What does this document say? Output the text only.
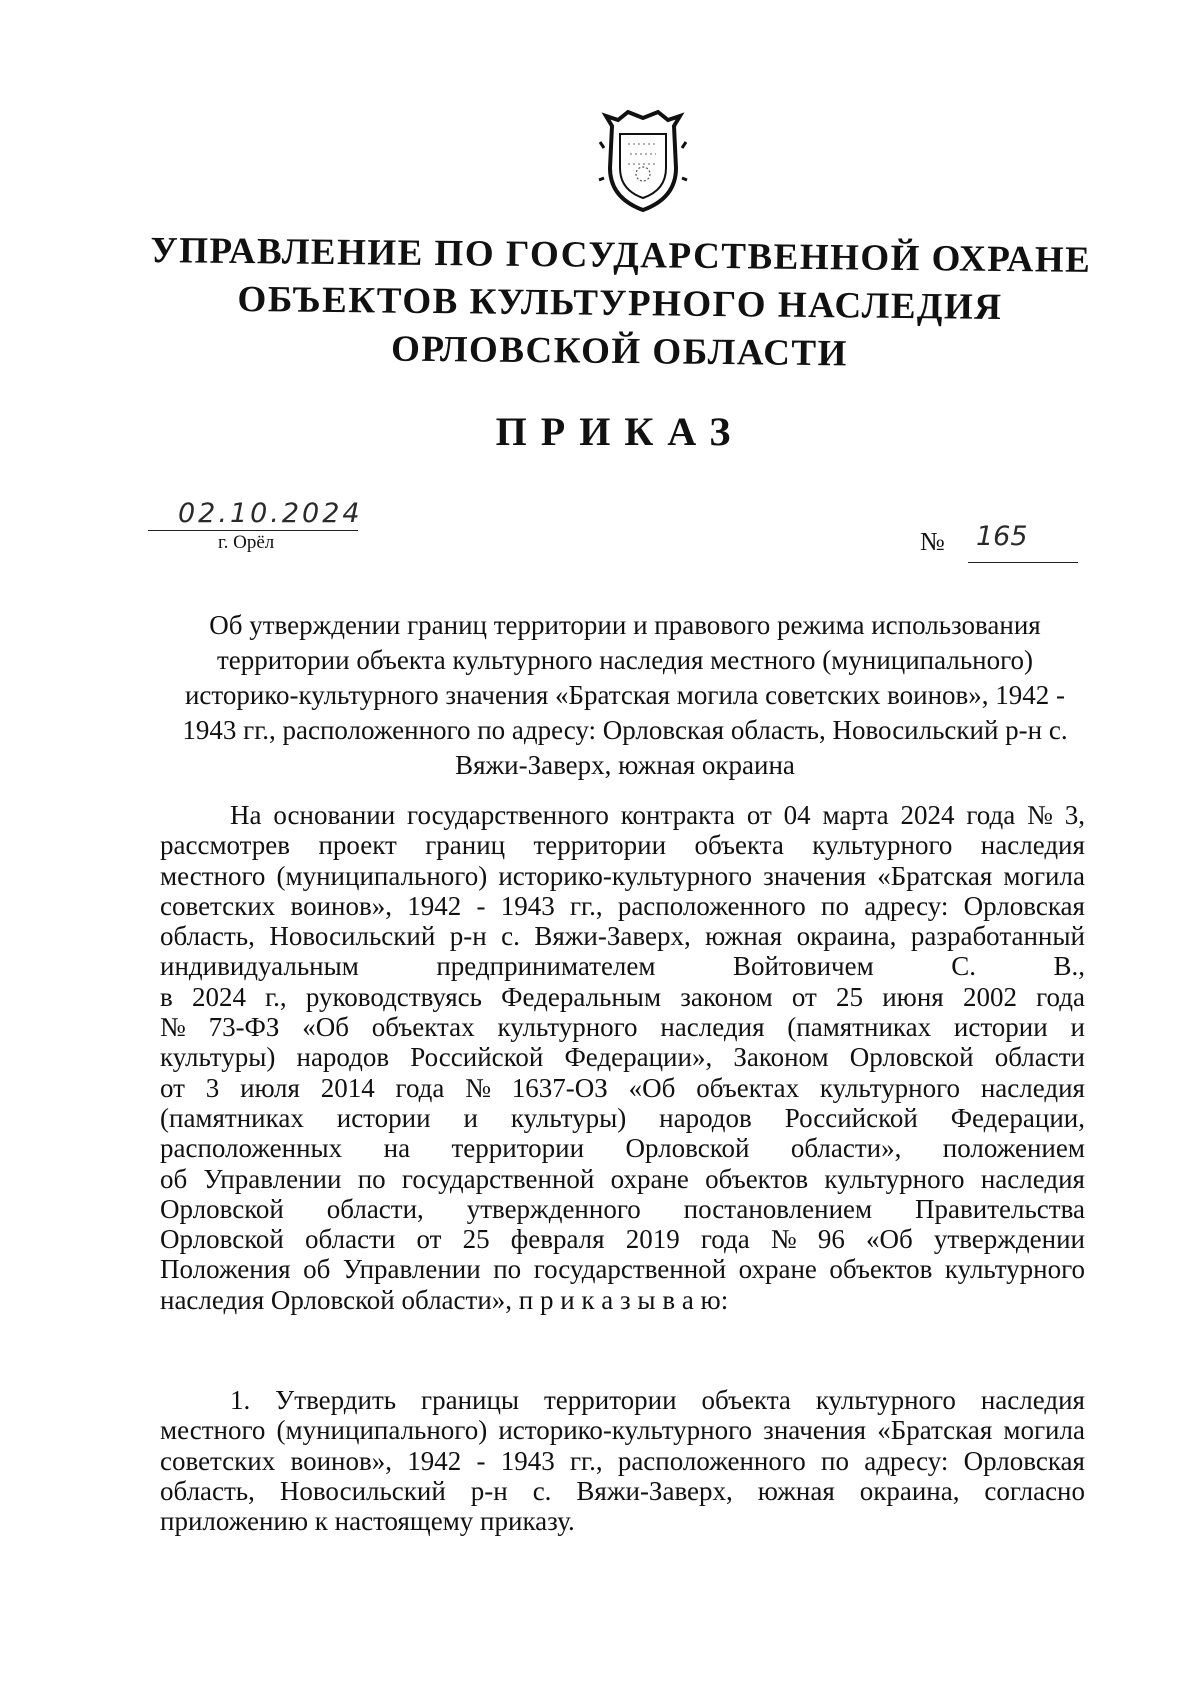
УПРАВЛЕНИЕ ПО ГОСУДАРСТВЕННОЙ ОХРАНЕ
ОБЪЕКТОВ КУЛЬТУРНОГО НАСЛЕДИЯ
ОРЛОВСКОЙ ОБЛАСТИ
ПРИКАЗ
02.10.2024
г. Орёл	№ 165
Об утверждении границ территории и правового режима использования
территории объекта культурного наследия местного (муниципального)
историко-культурного значения «Братская могила советских воинов», 1942 -
1943 гг., расположенного по адресу: Орловская область, Новосильский р-н с.
Вяжи-Заверх, южная окраина
На основании государственного контракта от 04 марта 2024 года № 3,
рассмотрев проект границ территории объекта культурного наследия
местного (муниципального) историко-культурного значения «Братская могила
советских воинов», 1942 - 1943 гг., расположенного по адресу: Орловская
область, Новосильский р-н с. Вяжи-Заверх, южная окраина, разработанный
индивидуальным	предпринимателем	Войтовичем	С.	В.,
в 2024 г., руководствуясь Федеральным законом от 25 июня 2002 года
№ 73-ФЗ «Об объектах культурного наследия (памятниках истории и
культуры) народов Российской Федерации», Законом Орловской области
от 3 июля 2014 года № 1637-ОЗ «Об объектах культурного наследия
(памятниках истории и культуры) народов Российской Федерации,
расположенных на территории Орловской области», положением
об Управлении по государственной охране объектов культурного наследия
Орловской области, утвержденного постановлением Правительства
Орловской области от 25 февраля 2019 года № 96 «Об утверждении
Положения об Управлении по государственной охране объектов культурного
наследия Орловской области», п р и к а з ы в а ю:
1. Утвердить границы территории объекта культурного наследия
местного (муниципального) историко-культурного значения «Братская могила
советских воинов», 1942 - 1943 гг., расположенного по адресу: Орловская
область, Новосильский р-н с. Вяжи-Заверх, южная окраина, согласно
приложению к настоящему приказу.
